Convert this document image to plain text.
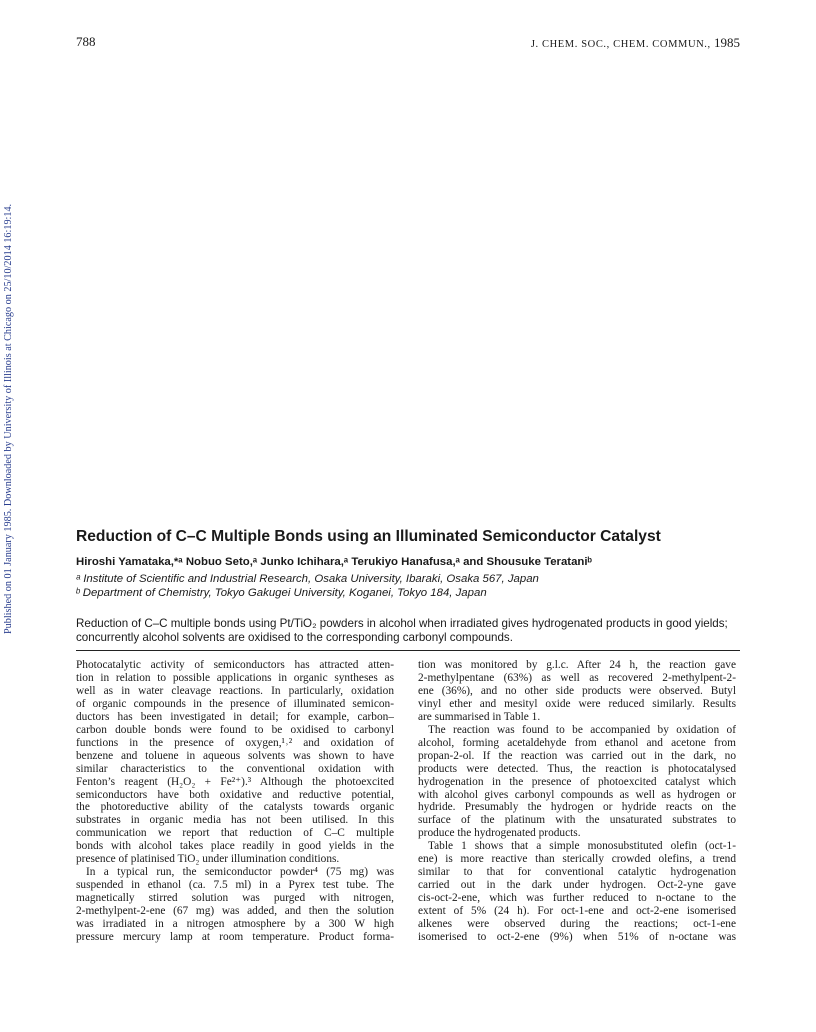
788	J. CHEM. SOC., CHEM. COMMUN., 1985
Published on 01 January 1985. Downloaded by University of Illinois at Chicago on 25/10/2014 16:19:14.	Reduction of C–C Multiple Bonds using an Illuminated Semiconductor Catalyst
Hiroshi Yamataka,*ᵃ Nobuo Seto,ᵃ Junko Ichihara,ᵃ Terukiyo Hanafusa,ᵃ and Shousuke Terataniᵇ
ᵃ Institute of Scientific and Industrial Research, Osaka University, Ibaraki, Osaka 567, Japan
ᵇ Department of Chemistry, Tokyo Gakugei University, Koganei, Tokyo 184, Japan
Reduction of C–C multiple bonds using Pt/TiO₂ powders in alcohol when irradiated gives hydrogenated products in good yields; concurrently alcohol solvents are oxidised to the corresponding carbonyl compounds.
Photocatalytic activity of semiconductors has attracted atten-
tion in relation to possible applications in organic syntheses as
well as in water cleavage reactions. In particularly, oxidation
of organic compounds in the presence of illuminated semicon-
ductors has been investigated in detail; for example, carbon–
carbon double bonds were found to be oxidised to carbonyl
functions in the presence of oxygen,¹˒² and oxidation of
benzene and toluene in aqueous solvents was shown to have
similar characteristics to the conventional oxidation with
Fenton’s reagent (H₂O₂ + Fe²⁺).³ Although the photoexcited
semiconductors have both oxidative and reductive potential,
the photoreductive ability of the catalysts towards organic
substrates in organic media has not been utilised. In this
communication we report that reduction of C–C multiple
bonds with alcohol takes place readily in good yields in the
presence of platinised TiO₂ under illumination conditions.
In a typical run, the semiconductor powder⁴ (75 mg) was
suspended in ethanol (ca. 7.5 ml) in a Pyrex test tube. The
magnetically stirred solution was purged with nitrogen,
2-methylpent-2-ene (67 mg) was added, and then the solution
was irradiated in a nitrogen atmosphere by a 300 W high
pressure mercury lamp at room temperature. Product forma-
tion was monitored by g.l.c. After 24 h, the reaction gave
2-methylpentane (63%) as well as recovered 2-methylpent-2-
ene (36%), and no other side products were observed. Butyl
vinyl ether and mesityl oxide were reduced similarly. Results
are summarised in Table 1.
The reaction was found to be accompanied by oxidation of
alcohol, forming acetaldehyde from ethanol and acetone from
propan-2-ol. If the reaction was carried out in the dark, no
products were detected. Thus, the reaction is photocatalysed
hydrogenation in the presence of photoexcited catalyst which
with alcohol gives carbonyl compounds as well as hydrogen or
hydride. Presumably the hydrogen or hydride reacts on the
surface of the platinum with the unsaturated substrates to
produce the hydrogenated products.
Table 1 shows that a simple monosubstituted olefin (oct-1-
ene) is more reactive than sterically crowded olefins, a trend
similar to that for conventional catalytic hydrogenation
carried out in the dark under hydrogen. Oct-2-yne gave
cis-oct-2-ene, which was further reduced to n-octane to the
extent of 5% (24 h). For oct-1-ene and oct-2-ene isomerised
alkenes were observed during the reactions; oct-1-ene
isomerised to oct-2-ene (9%) when 51% of n-octane was
